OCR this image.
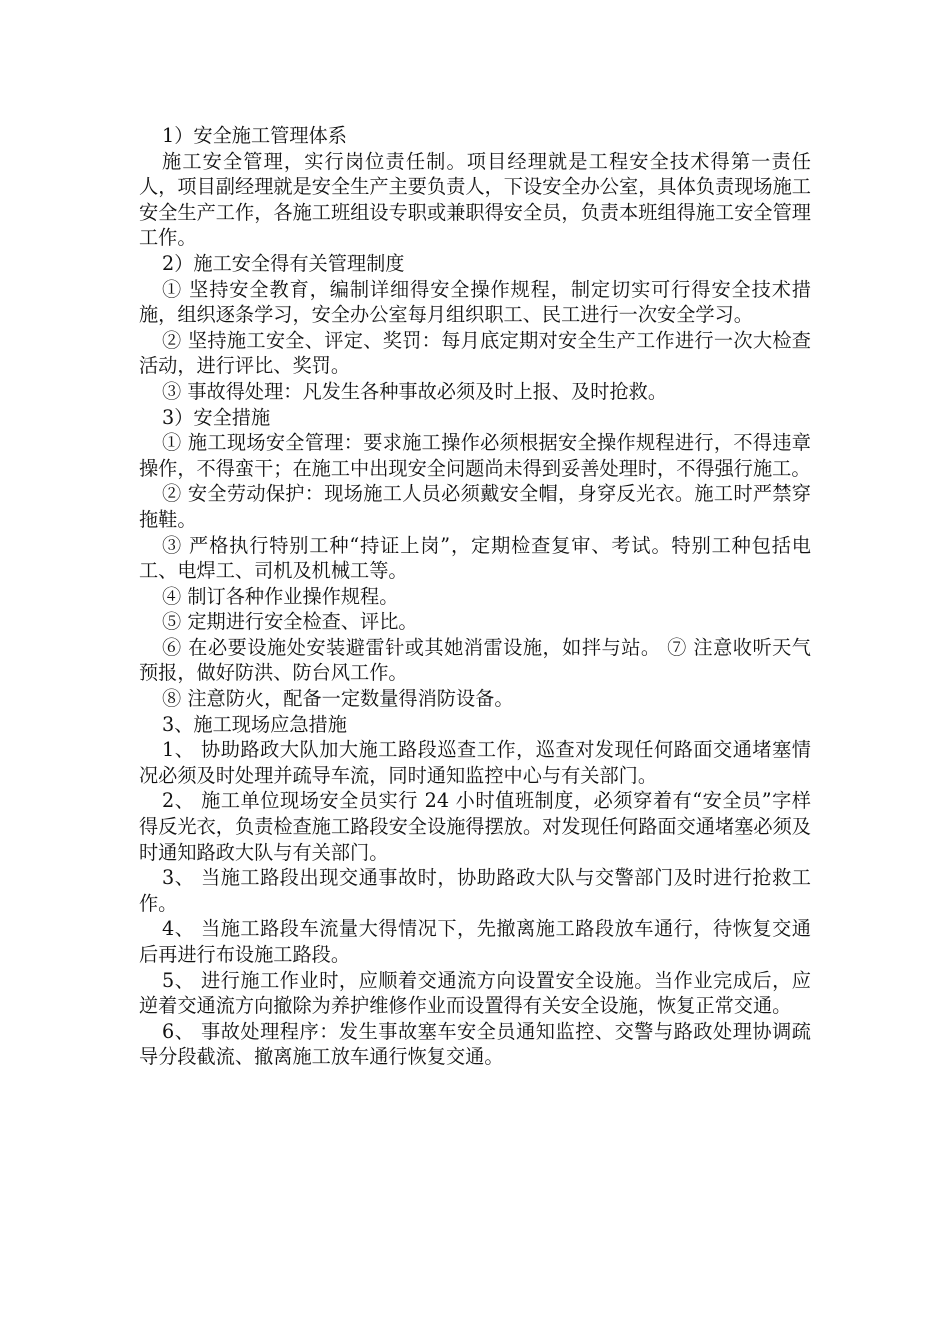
1）安全施工管理体系

施工安全管理，实行岗位责任制。项目经理就是工程安全技术得第一责任人，项目副经理就是安全生产主要负责人，下设安全办公室，具体负责现场施工安全生产工作，各施工班组设专职或兼职得安全员，负责本班组得施工安全管理工作。

2）施工安全得有关管理制度

① 坚持安全教育，编制详细得安全操作规程，制定切实可行得安全技术措施，组织逐条学习，安全办公室每月组织职工、民工进行一次安全学习。

② 坚持施工安全、评定、奖罚：每月底定期对安全生产工作进行一次大检查活动，进行评比、奖罚。

③ 事故得处理：凡发生各种事故必须及时上报、及时抢救。

3）安全措施

① 施工现场安全管理：要求施工操作必须根据安全操作规程进行，不得违章操作，不得蛮干；在施工中出现安全问题尚未得到妥善处理时，不得强行施工。

② 安全劳动保护：现场施工人员必须戴安全帽，身穿反光衣。施工时严禁穿拖鞋。

③ 严格执行特别工种“持证上岗”，定期检查复审、考试。特别工种包括电工、电焊工、司机及机械工等。

④ 制订各种作业操作规程。

⑤ 定期进行安全检查、评比。

⑥ 在必要设施处安装避雷针或其她消雷设施，如拌与站。 ⑦ 注意收听天气预报，做好防洪、防台风工作。

⑧ 注意防火，配备一定数量得消防设备。

3、施工现场应急措施

1、 协助路政大队加大施工路段巡查工作，巡查对发现任何路面交通堵塞情况必须及时处理并疏导车流，同时通知监控中心与有关部门。

2、 施工单位现场安全员实行 24 小时值班制度，必须穿着有“安全员”字样得反光衣，负责检查施工路段安全设施得摆放。对发现任何路面交通堵塞必须及时通知路政大队与有关部门。

3、 当施工路段出现交通事故时，协助路政大队与交警部门及时进行抢救工作。

4、 当施工路段车流量大得情况下，先撤离施工路段放车通行，待恢复交通后再进行布设施工路段。

5、 进行施工作业时，应顺着交通流方向设置安全设施。当作业完成后，应逆着交通流方向撤除为养护维修作业而设置得有关安全设施，恢复正常交通。

6、 事故处理程序：发生事故塞车安全员通知监控、交警与路政处理协调疏导分段截流、撤离施工放车通行恢复交通。
